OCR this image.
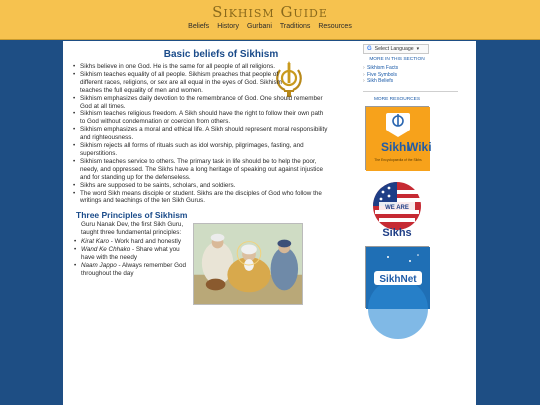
Sikhism Guide
Beliefs History Gurbani Traditions Resources
Basic beliefs of Sikhism
• Sikhs believe in one God. He is the same for all people of all religions.
• Sikhism teaches equality of all people. Sikhism preaches that people of different races, religions, or sex are all equal in the eyes of God. Sikhism teaches the full equality of men and women.
• Sikhism emphasizes daily devotion to the remembrance of God. One should remember God at all times.
• Sikhism teaches religious freedom. A Sikh should have the right to follow their own path to God without condemnation or coercion from others.
• Sikhism emphasizes a moral and ethical life. A Sikh should represent moral responsibility and righteousness.
• Sikhism rejects all forms of rituals such as idol worship, pilgrimages, fasting, and superstitions.
• Sikhism teaches service to others. The primary task in life should be to help the poor, needy, and oppressed. The Sikhs have a long heritage of speaking out against injustice and for standing up for the defenseless.
• Sikhs are supposed to be saints, scholars, and soldiers.
• The word Sikh means disciple or student. Sikhs are the disciples of God who follow the writings and teachings of the ten Sikh Gurus.
Three Principles of Sikhism
Guru Nanak Dev, the first Sikh Guru, taught three fundamental principles:
• Kirat Karo - Work hard and honestly
• Wand Ke Chhako - Share what you have with the needy
• Naam Jappo - Always remember God throughout the day
G Select Language ▾
MORE IN THIS SECTION
› Sikhism Facts
› Five Symbols
› Sikh Beliefs
MORE RESOURCES
Sikhi
Wiki
The Encyclopaedia of the Sikhs
WE ARE
Sikhs
SikhNet
